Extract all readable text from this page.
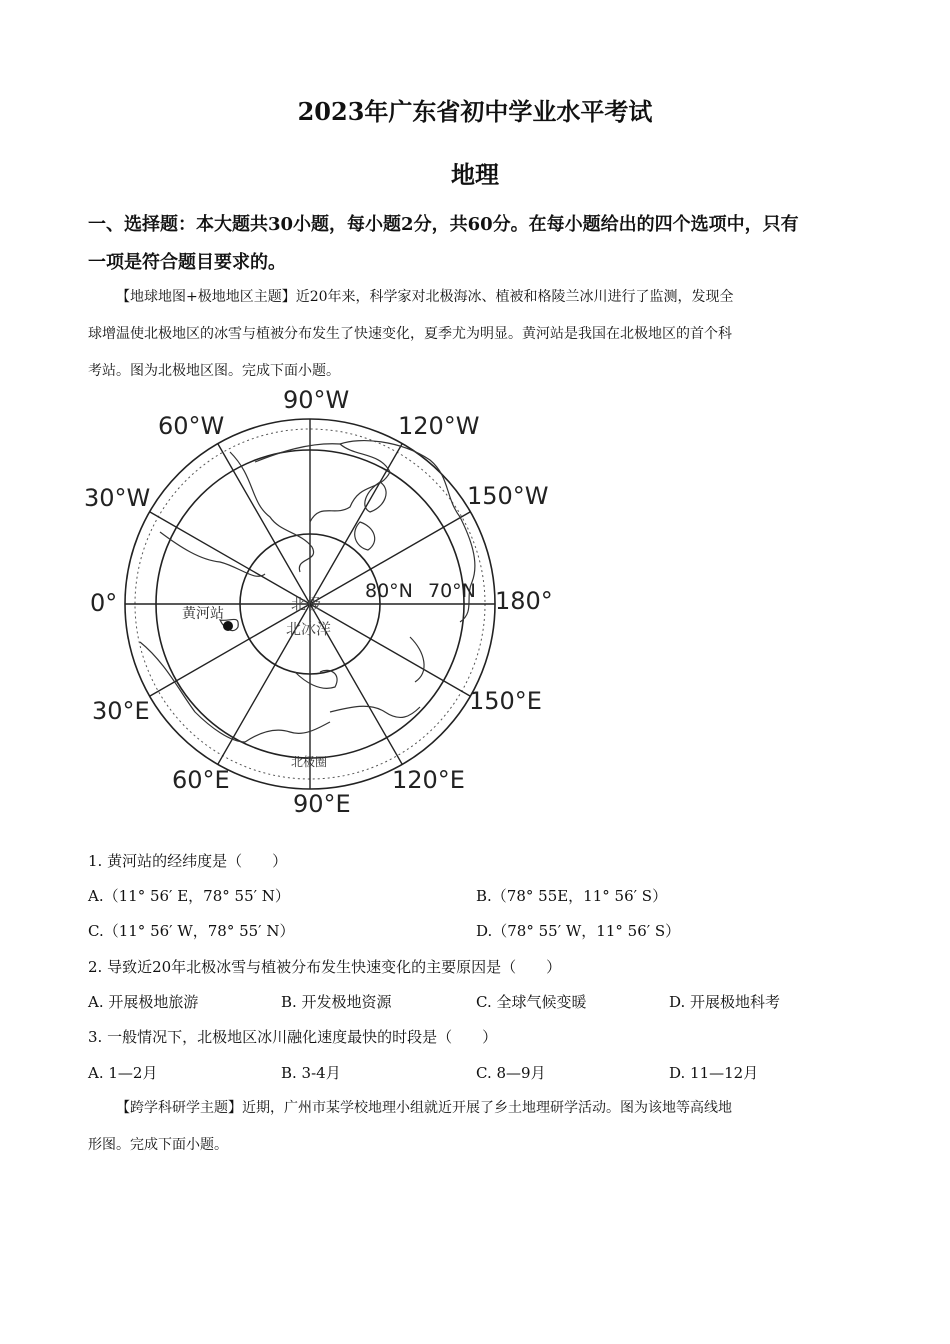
2023年广东省初中学业水平考试
地理
一、选择题：本大题共30小题，每小题2分，共60分。在每小题给出的四个选项中，只有
一项是符合题目要求的。
【地球地图+极地地区主题】近20年来，科学家对北极海冰、植被和格陵兰冰川进行了监测，发现全
球增温使北极地区的冰雪与植被分布发生了快速变化，夏季尤为明显。黄河站是我国在北极地区的首个科
考站。图为北极地区图。完成下面小题。
90°W
60°W	120°W
30°W	150°W
0°	180°
30°E	150°E
60°E	120°E
90°E
80°N 70°N
北极
北冰洋
黄河站
北极圈
1. 黄河站的经纬度是（　　）
A.（11° 56′ E，78° 55′ N）	B.（78° 55E，11° 56′ S）
C.（11° 56′ W，78° 55′ N）	D.（78° 55′ W，11° 56′ S）
2. 导致近20年北极冰雪与植被分布发生快速变化的主要原因是（　　）
A. 开展极地旅游	B. 开发极地资源	C. 全球气候变暖	D. 开展极地科考
3. 一般情况下，北极地区冰川融化速度最快的时段是（　　）
A. 1—2月	B. 3-4月	C. 8—9月	D. 11—12月
【跨学科研学主题】近期，广州市某学校地理小组就近开展了乡土地理研学活动。图为该地等高线地
形图。完成下面小题。
